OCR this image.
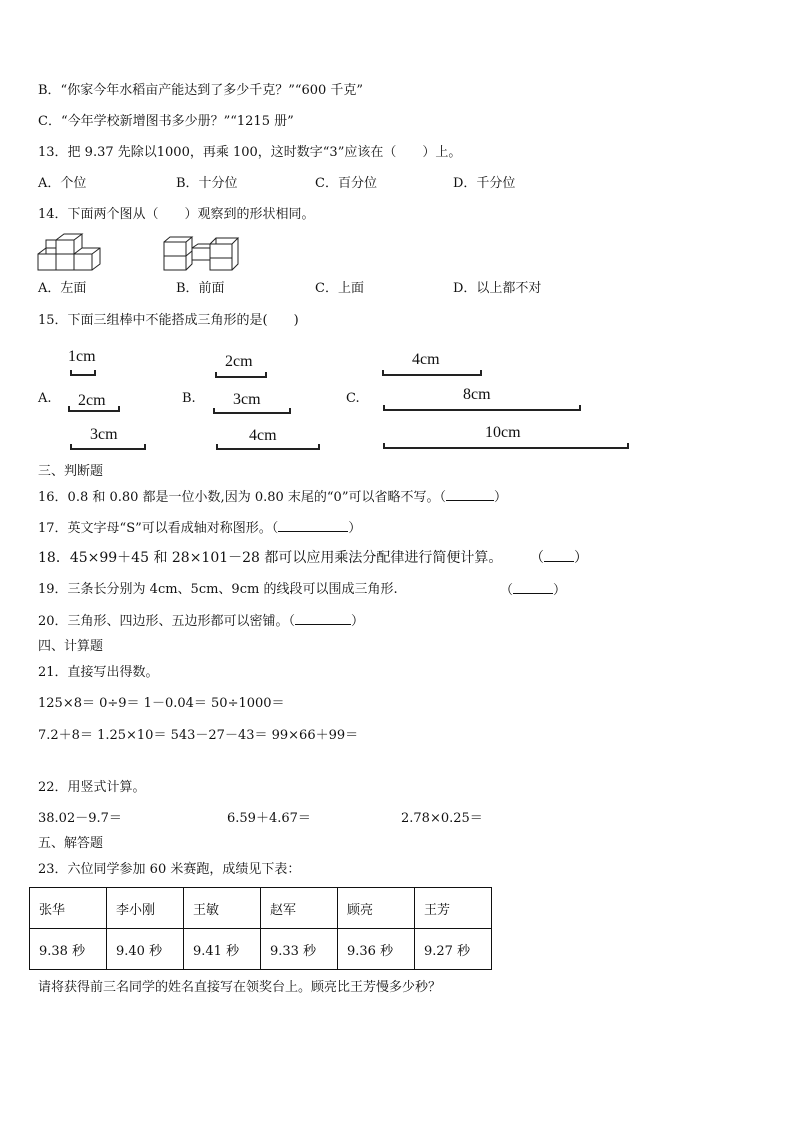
B．“你家今年水稻亩产能达到了多少千克？”“600 千克”
C．“今年学校新增图书多少册？”“1215 册”
13．把 9.37 先除以1000，再乘 100，这时数字“3”应该在（　　）上。
A．个位	B．十分位	C．百分位	D．千分位
14．下面两个图从（　　）观察到的形状相同。
A．左面	B．前面	C．上面	D．以上都不对
15．下面三组棒中不能搭成三角形的是(　　)
A.	B.	C.
1cm
2cm
3cm
2cm
3cm
4cm
4cm
8cm
10cm
三、判断题
16．0.8 和 0.80 都是一位小数,因为 0.80 末尾的“0”可以省略不写。（	）
17．英文字母“S”可以看成轴对称图形。（	）
18．45×99＋45 和 28×101－28 都可以应用乘法分配律进行简便计算。 （ ）
19．三条长分别为 4cm、5cm、9cm 的线段可以围成三角形.	（	）
20．三角形、四边形、五边形都可以密铺。（	）
四、计算题
21．直接写出得数。
125×8＝ 0÷9＝ 1－0.04＝ 50÷1000＝
7.2＋8＝ 1.25×10＝ 543－27－43＝ 99×66＋99＝
22．用竖式计算。
38.02－9.7＝	6.59＋4.67＝	2.78×0.25＝
五、解答题
23．六位同学参加 60 米赛跑，成绩见下表：
张华	李小刚	王敏	赵军	顾亮	王芳
9.38 秒	9.40 秒	9.41 秒	9.33 秒	9.36 秒	9.27 秒
请将获得前三名同学的姓名直接写在领奖台上。顾亮比王芳慢多少秒？
